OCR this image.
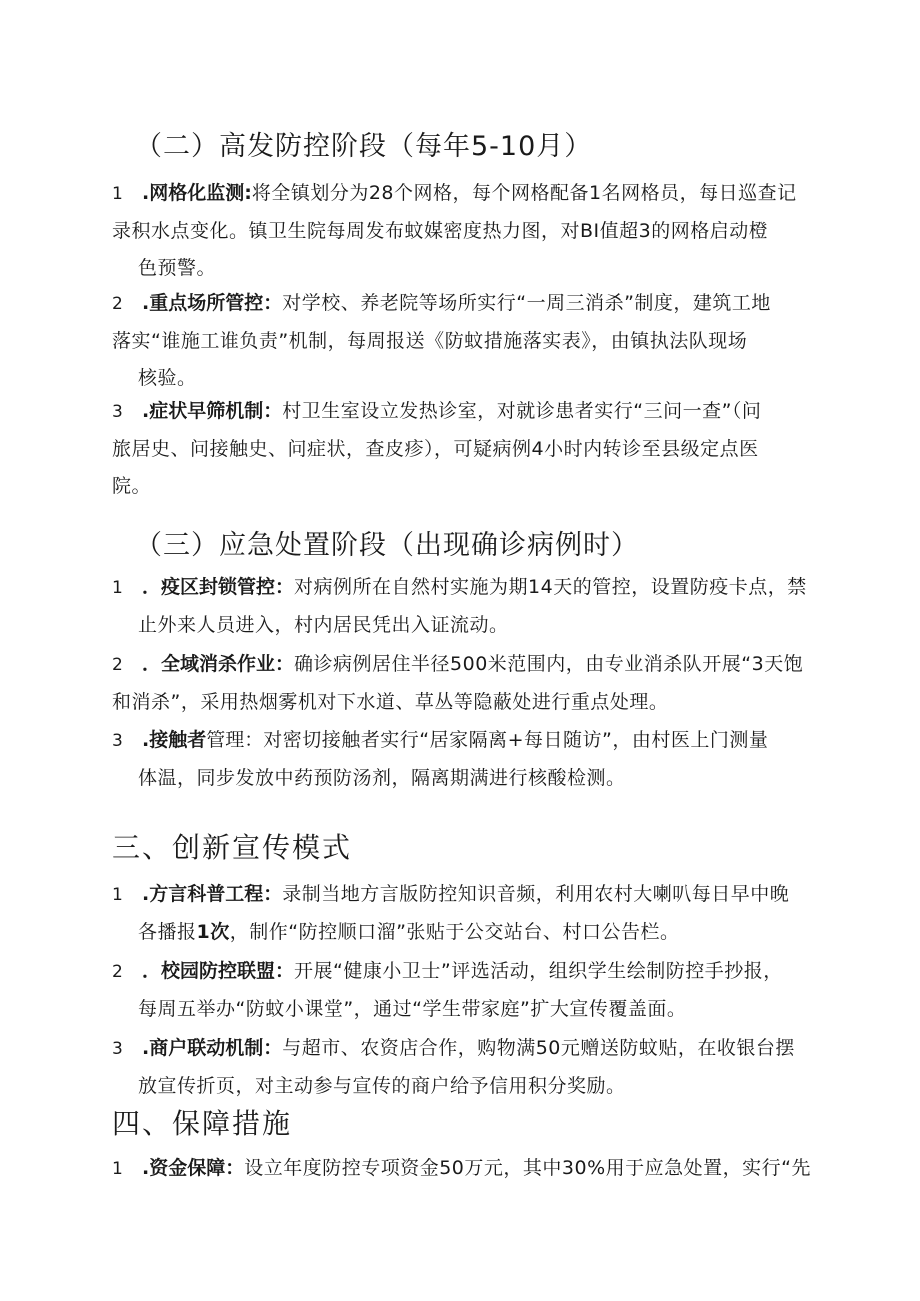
（二）高发防控阶段（每年5-10月）
1	.网格化监测: 将全镇划分为28个网格，每个网格配备1名网格员，每日巡查记
录积水点变化。镇卫生院每周发布蚊媒密度热力图，对BI值超3的网格启动橙
色预警。
2	.重点场所管控： 对学校、养老院等场所实行“一周三消杀”制度，建筑工地
落实“谁施工谁负责”机制，每周报送《防蚊措施落实表》，由镇执法队现场
核验。
3	.症状早筛机制： 村卫生室设立发热诊室，对就诊患者实行“三问一查”（问
旅居史、问接触史、问症状，查皮疹），可疑病例4小时内转诊至县级定点医
院。
（三）应急处置阶段（出现确诊病例时）
1	．疫区封锁管控： 对病例所在自然村实施为期14天的管控，设置防疫卡点，禁
止外来人员进入，村内居民凭出入证流动。
2	．全域消杀作业： 确诊病例居住半径500米范围内，由专业消杀队开展“3天饱
和消杀”，采用热烟雾机对下水道、草丛等隐蔽处进行重点处理。
3	.接触者 管理： 对密切接触者实行“居家隔离+每日随访”，由村医上门测量
体温，同步发放中药预防汤剂，隔离期满进行核酸检测。
三、创新宣传模式
1	.方言科普工程： 录制当地方言版防控知识音频，利用农村大喇叭每日早中晚
各播报1次，制作“防控顺口溜”张贴于公交站台、村口公告栏。
2	．校园防控联盟： 开展“健康小卫士”评选活动，组织学生绘制防控手抄报，
每周五举办“防蚊小课堂”，通过“学生带家庭”扩大宣传覆盖面。
3	.商户联动机制： 与超市、农资店合作，购物满50元赠送防蚊贴，在收银台摆
放宣传折页，对主动参与宣传的商户给予信用积分奖励。
四、保障措施
1	.资金保障： 设立年度防控专项资金50万元，其中30%用于应急处置，实行“先
